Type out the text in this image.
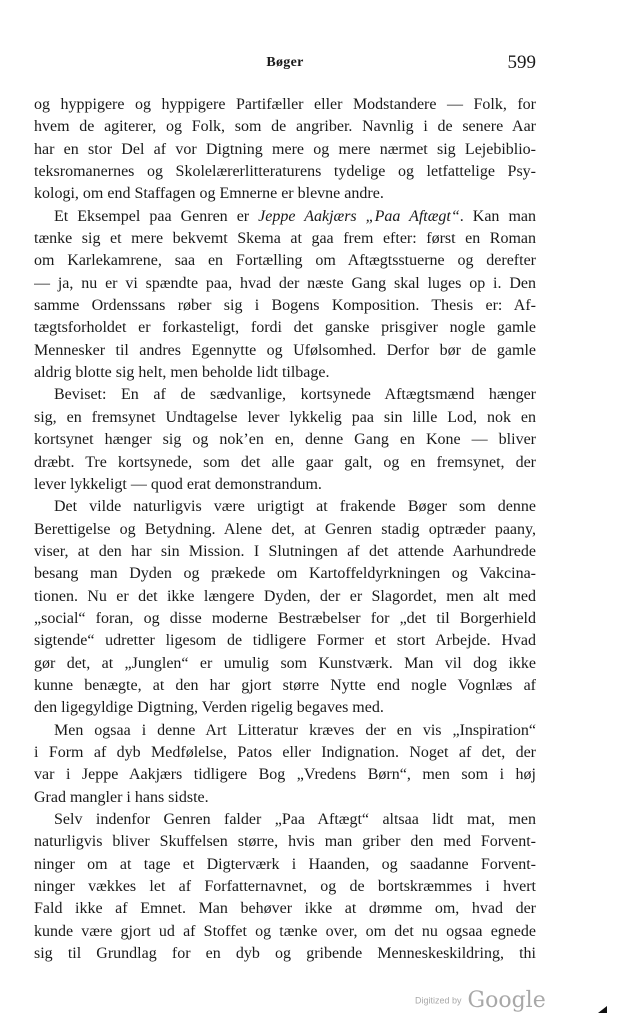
Bøger	599
og hyppigere og hyppigere Partifæller eller Modstandere — Folk, for
hvem de agiterer, og Folk, som de angriber. Navnlig i de senere Aar
har en stor Del af vor Digtning mere og mere nærmet sig Lejebiblio-
teksromanernes og Skolelærerlitteraturens tydelige og letfattelige Psy-
kologi, om end Staffagen og Emnerne er blevne andre.
Et Eksempel paa Genren er Jeppe Aakjærs „Paa Aftægt“. Kan man
tænke sig et mere bekvemt Skema at gaa frem efter: først en Roman
om Karlekamrene, saa en Fortælling om Aftægtsstuerne og derefter
— ja, nu er vi spændte paa, hvad der næste Gang skal luges op i. Den
samme Ordenssans røber sig i Bogens Komposition. Thesis er: Af-
tægtsforholdet er forkasteligt, fordi det ganske prisgiver nogle gamle
Mennesker til andres Egennytte og Ufølsomhed. Derfor bør de gamle
aldrig blotte sig helt, men beholde lidt tilbage.
Beviset: En af de sædvanlige, kortsynede Aftægtsmænd hænger
sig, en fremsynet Undtagelse lever lykkelig paa sin lille Lod, nok en
kortsynet hænger sig og nok’en en, denne Gang en Kone — bliver
dræbt. Tre kortsynede, som det alle gaar galt, og en fremsynet, der
lever lykkeligt — quod erat demonstrandum.
Det vilde naturligvis være urigtigt at frakende Bøger som denne
Berettigelse og Betydning. Alene det, at Genren stadig optræder paany,
viser, at den har sin Mission. I Slutningen af det attende Aarhundrede
besang man Dyden og prækede om Kartoffeldyrkningen og Vakcina-
tionen. Nu er det ikke længere Dyden, der er Slagordet, men alt med
„social“ foran, og disse moderne Bestræbelser for „det til Borgerhield
sigtende“ udretter ligesom de tidligere Former et stort Arbejde. Hvad
gør det, at „Junglen“ er umulig som Kunstværk. Man vil dog ikke
kunne benægte, at den har gjort større Nytte end nogle Vognlæs af
den ligegyldige Digtning, Verden rigelig begaves med.
Men ogsaa i denne Art Litteratur kræves der en vis „Inspiration“
i Form af dyb Medfølelse, Patos eller Indignation. Noget af det, der
var i Jeppe Aakjærs tidligere Bog „Vredens Børn“, men som i høj
Grad mangler i hans sidste.
Selv indenfor Genren falder „Paa Aftægt“ altsaa lidt mat, men
naturligvis bliver Skuffelsen større, hvis man griber den med Forvent-
ninger om at tage et Digterværk i Haanden, og saadanne Forvent-
ninger vækkes let af Forfatternavnet, og de bortskræmmes i hvert
Fald ikke af Emnet. Man behøver ikke at drømme om, hvad der
kunde være gjort ud af Stoffet og tænke over, om det nu ogsaa egnede
sig til Grundlag for en dyb og gribende Menneskeskildring, thi
Digitized by Google
